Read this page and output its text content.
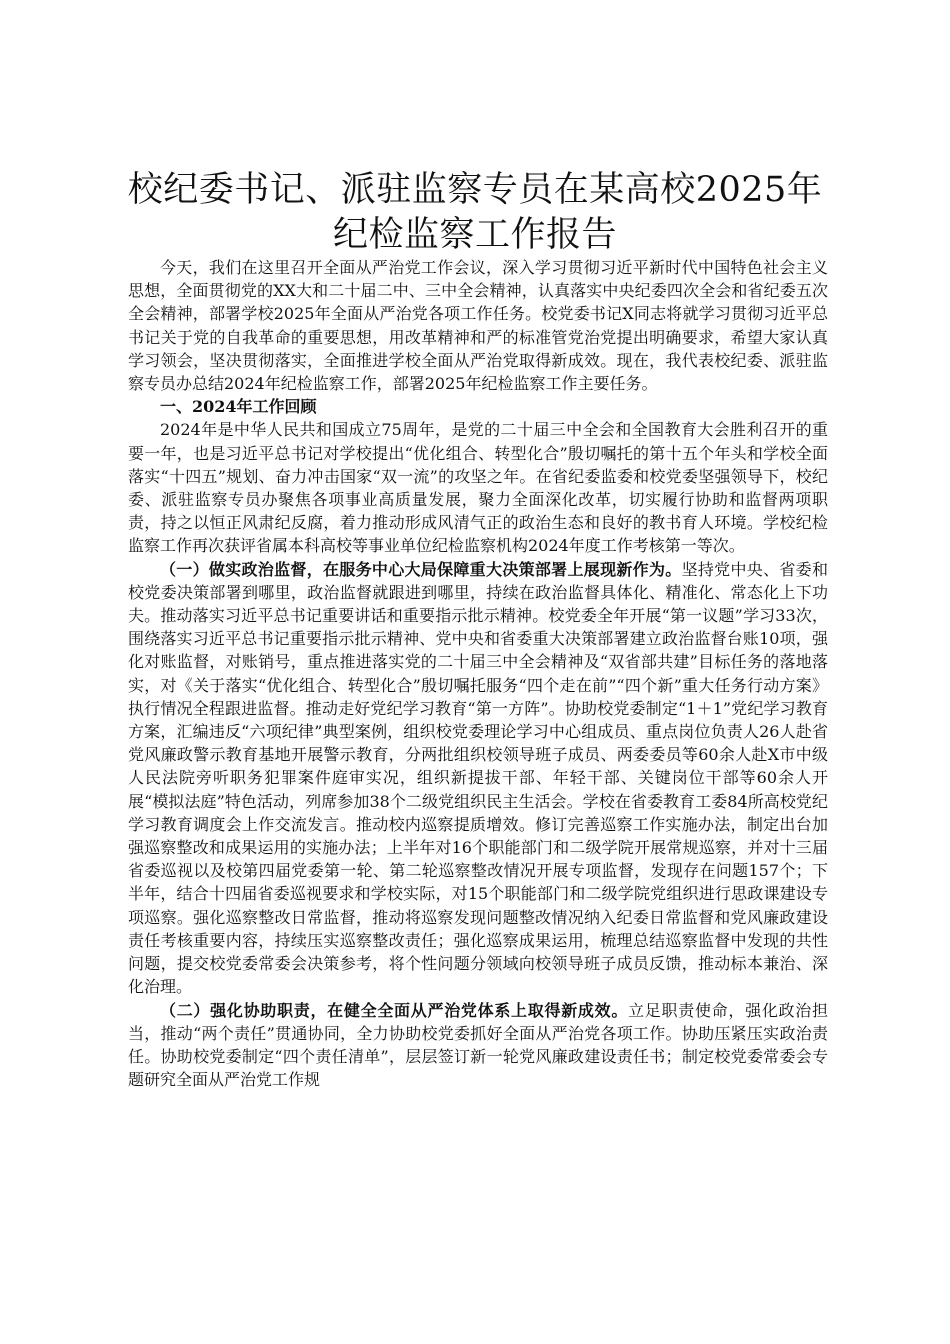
校纪委书记、派驻监察专员在某高校2025年
纪检监察工作报告

今天，我们在这里召开全面从严治党工作会议，深入学习贯彻习近平新时代中国特色社会主义思想，全面贯彻党的XX大和二十届二中、三中全会精神，认真落实中央纪委四次全会和省纪委五次全会精神，部署学校2025年全面从严治党各项工作任务。校党委书记X同志将就学习贯彻习近平总书记关于党的自我革命的重要思想，用改革精神和严的标准管党治党提出明确要求，希望大家认真学习领会，坚决贯彻落实，全面推进学校全面从严治党取得新成效。现在，我代表校纪委、派驻监察专员办总结2024年纪检监察工作，部署2025年纪检监察工作主要任务。

一、2024年工作回顾

2024年是中华人民共和国成立75周年，是党的二十届三中全会和全国教育大会胜利召开的重要一年，也是习近平总书记对学校提出“优化组合、转型化合”殷切嘱托的第十五个年头和学校全面落实“十四五”规划、奋力冲击国家“双一流”的攻坚之年。在省纪委监委和校党委坚强领导下，校纪委、派驻监察专员办聚焦各项事业高质量发展，聚力全面深化改革，切实履行协助和监督两项职责，持之以恒正风肃纪反腐，着力推动形成风清气正的政治生态和良好的教书育人环境。学校纪检监察工作再次获评省属本科高校等事业单位纪检监察机构2024年度工作考核第一等次。

（一）做实政治监督，在服务中心大局保障重大决策部署上展现新作为。坚持党中央、省委和校党委决策部署到哪里，政治监督就跟进到哪里，持续在政治监督具体化、精准化、常态化上下功夫。推动落实习近平总书记重要讲话和重要指示批示精神。校党委全年开展“第一议题”学习33次，围绕落实习近平总书记重要指示批示精神、党中央和省委重大决策部署建立政治监督台账10项，强化对账监督，对账销号，重点推进落实党的二十届三中全会精神及“双省部共建”目标任务的落地落实，对《关于落实“优化组合、转型化合”殷切嘱托服务“四个走在前”“四个新”重大任务行动方案》执行情况全程跟进监督。推动走好党纪学习教育“第一方阵”。协助校党委制定“1＋1”党纪学习教育方案，汇编违反“六项纪律”典型案例，组织校党委理论学习中心组成员、重点岗位负责人26人赴省党风廉政警示教育基地开展警示教育，分两批组织校领导班子成员、两委委员等60余人赴X市中级人民法院旁听职务犯罪案件庭审实况，组织新提拔干部、年轻干部、关键岗位干部等60余人开展“模拟法庭”特色活动，列席参加38个二级党组织民主生活会。学校在省委教育工委84所高校党纪学习教育调度会上作交流发言。推动校内巡察提质增效。修订完善巡察工作实施办法，制定出台加强巡察整改和成果运用的实施办法；上半年对16个职能部门和二级学院开展常规巡察，并对十三届省委巡视以及校第四届党委第一轮、第二轮巡察整改情况开展专项监督，发现存在问题157个；下半年，结合十四届省委巡视要求和学校实际，对15个职能部门和二级学院党组织进行思政课建设专项巡察。强化巡察整改日常监督，推动将巡察发现问题整改情况纳入纪委日常监督和党风廉政建设责任考核重要内容，持续压实巡察整改责任；强化巡察成果运用，梳理总结巡察监督中发现的共性问题，提交校党委常委会决策参考，将个性问题分领域向校领导班子成员反馈，推动标本兼治、深化治理。

（二）强化协助职责，在健全全面从严治党体系上取得新成效。立足职责使命，强化政治担当，推动“两个责任”贯通协同，全力协助校党委抓好全面从严治党各项工作。协助压紧压实政治责任。协助校党委制定“四个责任清单”，层层签订新一轮党风廉政建设责任书；制定校党委常委会专题研究全面从严治党工作规
